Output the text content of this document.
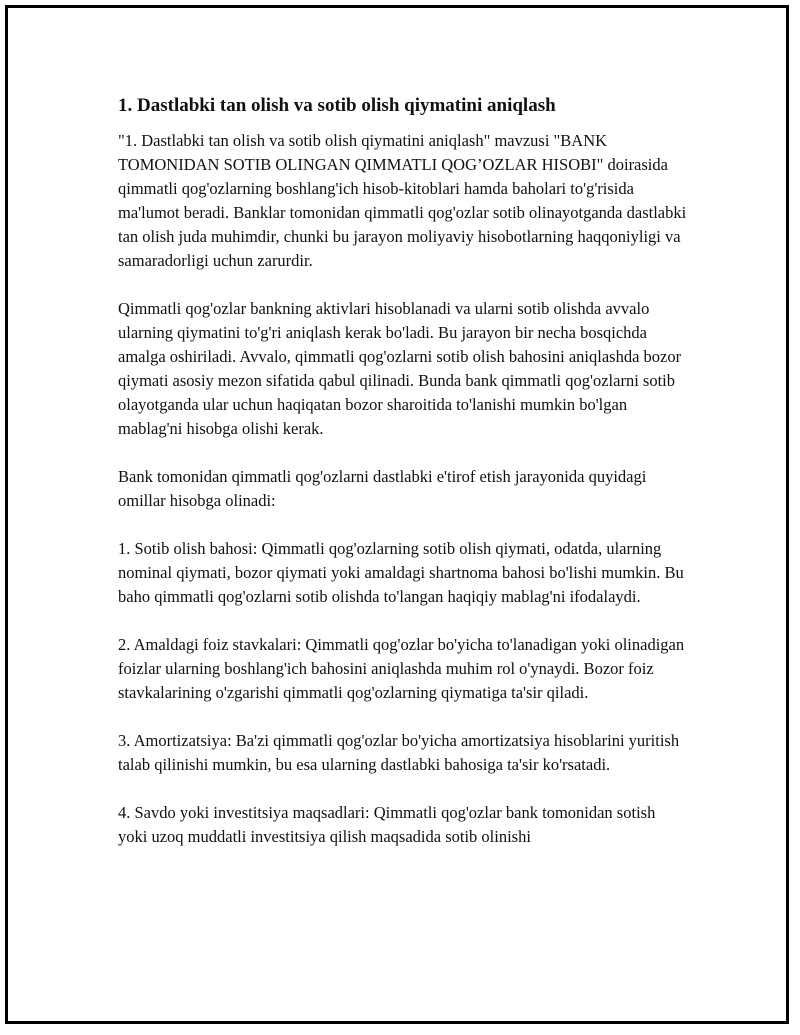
1. Dastlabki tan olish va sotib olish qiymatini aniqlash

"1. Dastlabki tan olish va sotib olish qiymatini aniqlash" mavzusi "BANK TOMONIDAN SOTIB OLINGAN QIMMATLI QOG’OZLAR HISOBI" doirasida qimmatli qog'ozlarning boshlang'ich hisob-kitoblari hamda baholari to'g'risida ma'lumot beradi. Banklar tomonidan qimmatli qog'ozlar sotib olinayotganda dastlabki tan olish juda muhimdir, chunki bu jarayon moliyaviy hisobotlarning haqqoniyligi va samaradorligi uchun zarurdir.

Qimmatli qog'ozlar bankning aktivlari hisoblanadi va ularni sotib olishda avvalo ularning qiymatini to'g'ri aniqlash kerak bo'ladi. Bu jarayon bir necha bosqichda amalga oshiriladi. Avvalo, qimmatli qog'ozlarni sotib olish bahosini aniqlashda bozor qiymati asosiy mezon sifatida qabul qilinadi. Bunda bank qimmatli qog'ozlarni sotib olayotganda ular uchun haqiqatan bozor sharoitida to'lanishi mumkin bo'lgan mablag'ni hisobga olishi kerak.

Bank tomonidan qimmatli qog'ozlarni dastlabki e'tirof etish jarayonida quyidagi omillar hisobga olinadi:

1. Sotib olish bahosi: Qimmatli qog'ozlarning sotib olish qiymati, odatda, ularning nominal qiymati, bozor qiymati yoki amaldagi shartnoma bahosi bo'lishi mumkin. Bu baho qimmatli qog'ozlarni sotib olishda to'langan haqiqiy mablag'ni ifodalaydi.

2. Amaldagi foiz stavkalari: Qimmatli qog'ozlar bo'yicha to'lanadigan yoki olinadigan foizlar ularning boshlang'ich bahosini aniqlashda muhim rol o'ynaydi. Bozor foiz stavkalarining o'zgarishi qimmatli qog'ozlarning qiymatiga ta'sir qiladi.

3. Amortizatsiya: Ba'zi qimmatli qog'ozlar bo'yicha amortizatsiya hisoblarini yuritish talab qilinishi mumkin, bu esa ularning dastlabki bahosiga ta'sir ko'rsatadi.

4. Savdo yoki investitsiya maqsadlari: Qimmatli qog'ozlar bank tomonidan sotish yoki uzoq muddatli investitsiya qilish maqsadida sotib olinishi
